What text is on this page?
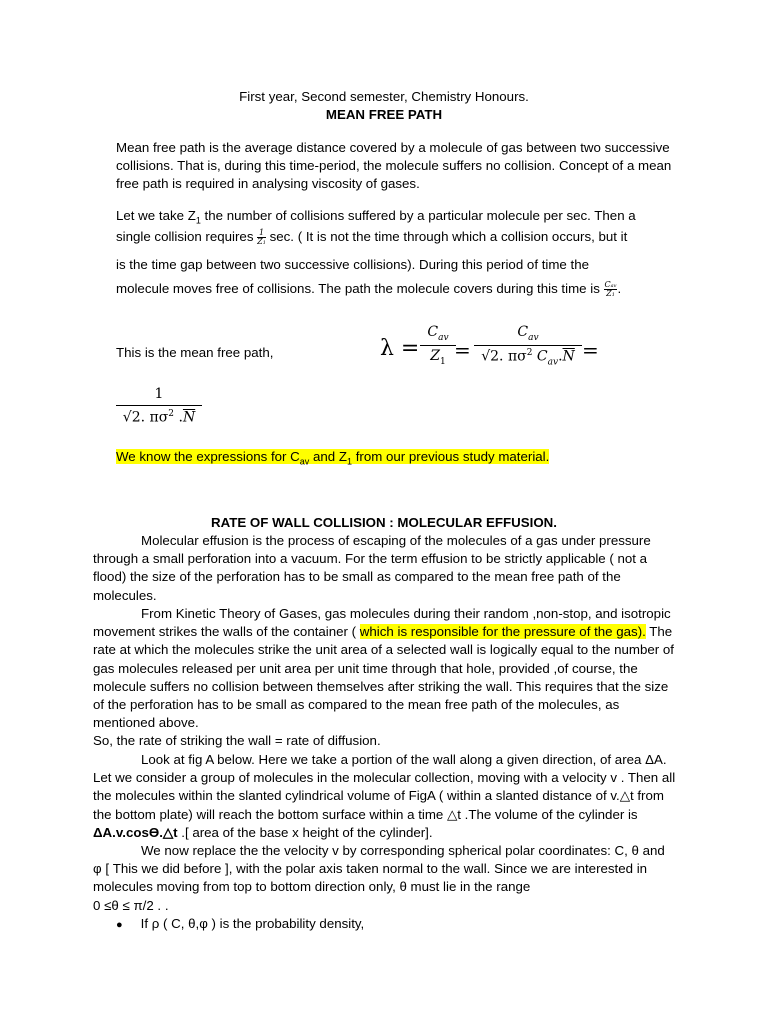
First year, Second semester, Chemistry Honours.
MEAN FREE PATH
Mean free path is the average distance covered by a molecule of gas between two successive collisions. That is, during this time-period, the molecule suffers no collision. Concept of a mean free path is required in analysing viscosity of gases.
Let we take $Z_1$ the number of collisions suffered by a particular molecule per sec. Then a
single collision requires $\frac{1}{Z1} \sec$. ( It is not the time through which a collision occurs, but it
is the time gap between two successive collisions). During this period of time the
molecule moves free of collisions. The path the molecule covers during this time is $\frac{\text{Cav}}{Z1}$ .
This is the mean free path,	λ =
$C_{av}$
$Z_1$ =
$C_{av}$
√2. $\pi\sigma^2$ $C_{av}.\overline{N}$ =
1
√2. $\pi\sigma^2$ $.\overline{N}$
We know the expressions for $C_{av}$ and $Z_1$ from our previous study material.
RATE OF WALL COLLISION : MOLECULAR EFFUSION.
Molecular effusion is the process of escaping of the molecules of a gas under pressure through a small perforation into a vacuum. For the term effusion to be strictly applicable ( not a flood) the size of the perforation has to be small as compared to the mean free path of the molecules.
From Kinetic Theory of Gases, gas molecules during their random ,non-stop, and isotropic movement strikes the walls of the container ( which is responsible for the pressure of the gas). The rate at which the molecules strike the unit area of a selected wall is logically equal to the number of gas molecules released per unit area per unit time through that hole, provided ,of course, the molecule suffers no collision between themselves after striking the wall. This requires that the size of the perforation has to be small as compared to the mean free path of the molecules, as mentioned above.
So, the rate of striking the wall = rate of diffusion.
Look at fig A below. Here we take a portion of the wall along a given direction, of area ΔA. Let we consider a group of molecules in the molecular collection, moving with a velocity v . Then all the molecules within the slanted cylindrical volume of FigA ( within a slanted distance of v.△t from the bottom plate) will reach the bottom surface within a time △t .The volume of the cylinder is ΔA.v.cosϴ.△t .[ area of the base x height of the cylinder].
We now replace the the velocity v by corresponding spherical polar coordinates: C, θ and φ [ This we did before ], with the polar axis taken normal to the wall. Since we are interested in molecules moving from top to bottom direction only, θ must lie in the range
0 ≤θ ≤ π/2 . .
● If ρ ( C, θ,φ ) is the probability density,
